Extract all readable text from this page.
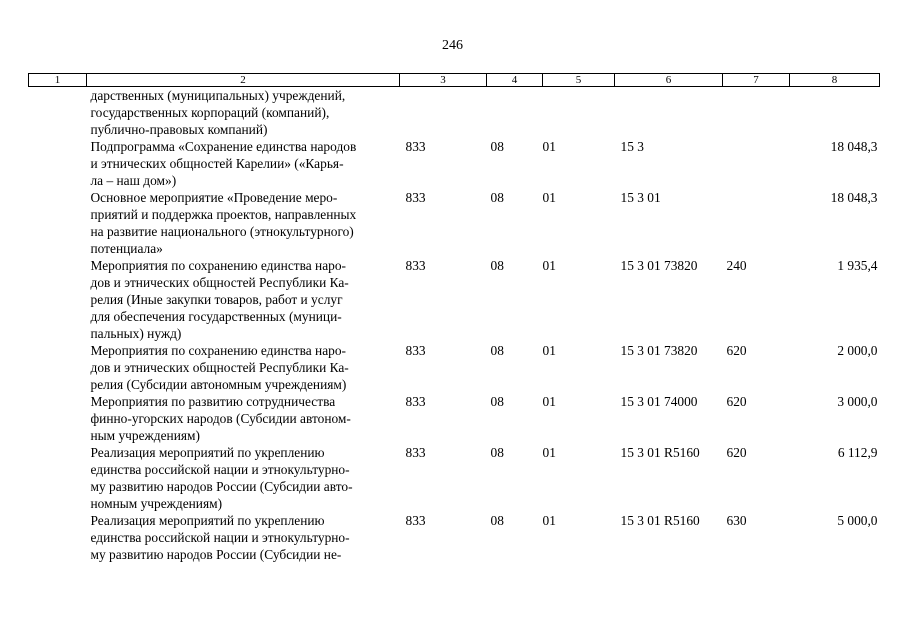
246
1	2	3	4	5	6	7	8

	дарственных (муниципальных) учреждений,
государственных корпораций (компаний),
публично-правовых компаний)						

	Подпрограмма «Сохранение единства народов
и этнических общностей Карелии» («Карья-
ла – наш дом»)	833	08	01	15 3		18 048,3

	Основное мероприятие «Проведение меро-
приятий и поддержка проектов, направленных
на развитие национального (этнокультурного)
потенциала»	833	08	01	15 3 01		18 048,3

	Мероприятия по сохранению единства наро-
дов и этнических общностей Республики Ка-
релия (Иные закупки товаров, работ и услуг
для обеспечения государственных (муници-
пальных) нужд)	833	08	01	15 3 01 73820	240	1 935,4

	Мероприятия по сохранению единства наро-
дов и этнических общностей Республики Ка-
релия (Субсидии автономным учреждениям)	833	08	01	15 3 01 73820	620	2 000,0

	Мероприятия по развитию сотрудничества
финно-угорских народов (Субсидии автоном-
ным учреждениям)	833	08	01	15 3 01 74000	620	3 000,0

	Реализация мероприятий по укреплению
единства российской нации и этнокультурно-
му развитию народов России (Субсидии авто-
номным учреждениям)	833	08	01	15 3 01 R5160	620	6 112,9

	Реализация мероприятий по укреплению
единства российской нации и этнокультурно-
му развитию народов России (Субсидии не-	833	08	01	15 3 01 R5160	630	5 000,0
